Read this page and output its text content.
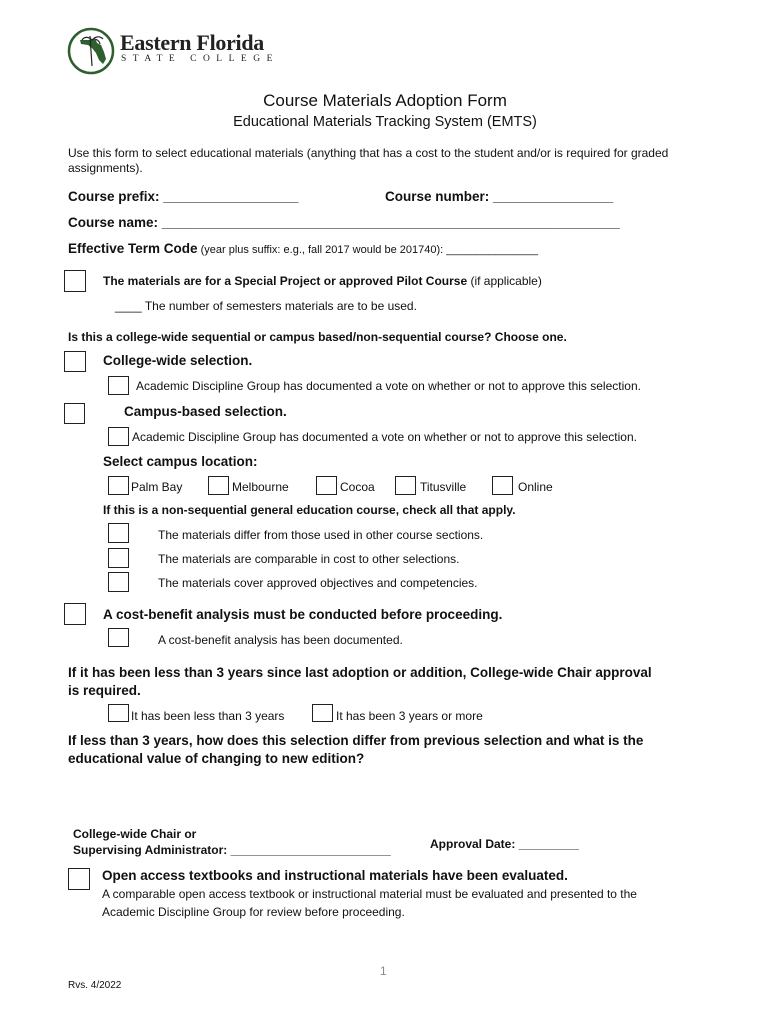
Eastern Florida
STATE COLLEGE
Course Materials Adoption Form
Educational Materials Tracking System (EMTS)
Use this form to select educational materials (anything that has a cost to the student and/or is required for graded assignments).
Course prefix: __________________	Course number: ________________
Course name: _____________________________________________________________
Effective Term Code (year plus suffix: e.g., fall 2017 would be 201740): _______________
The materials are for a Special Project or approved Pilot Course (if applicable)
____ The number of semesters materials are to be used.
Is this a college-wide sequential or campus based/non-sequential course? Choose one.
College-wide selection.
Academic Discipline Group has documented a vote on whether or not to approve this selection.
Campus-based selection.
Academic Discipline Group has documented a vote on whether or not to approve this selection.
Select campus location:
Palm Bay	Melbourne	Cocoa	Titusville	Online
If this is a non-sequential general education course, check all that apply.
The materials differ from those used in other course sections.
The materials are comparable in cost to other selections.
The materials cover approved objectives and competencies.
A cost-benefit analysis must be conducted before proceeding.
A cost-benefit analysis has been documented.
If it has been less than 3 years since last adoption or addition, College-wide Chair approval
is required.
It has been less than 3 years	It has been 3 years or more
If less than 3 years, how does this selection differ from previous selection and what is the
educational value of changing to new edition?
College-wide Chair or
Supervising Administrator: ________________________	Approval Date: _________
Open access textbooks and instructional materials have been evaluated.
A comparable open access textbook or instructional material must be evaluated and presented to the
Academic Discipline Group for review before proceeding.
1
Rvs. 4/2022
